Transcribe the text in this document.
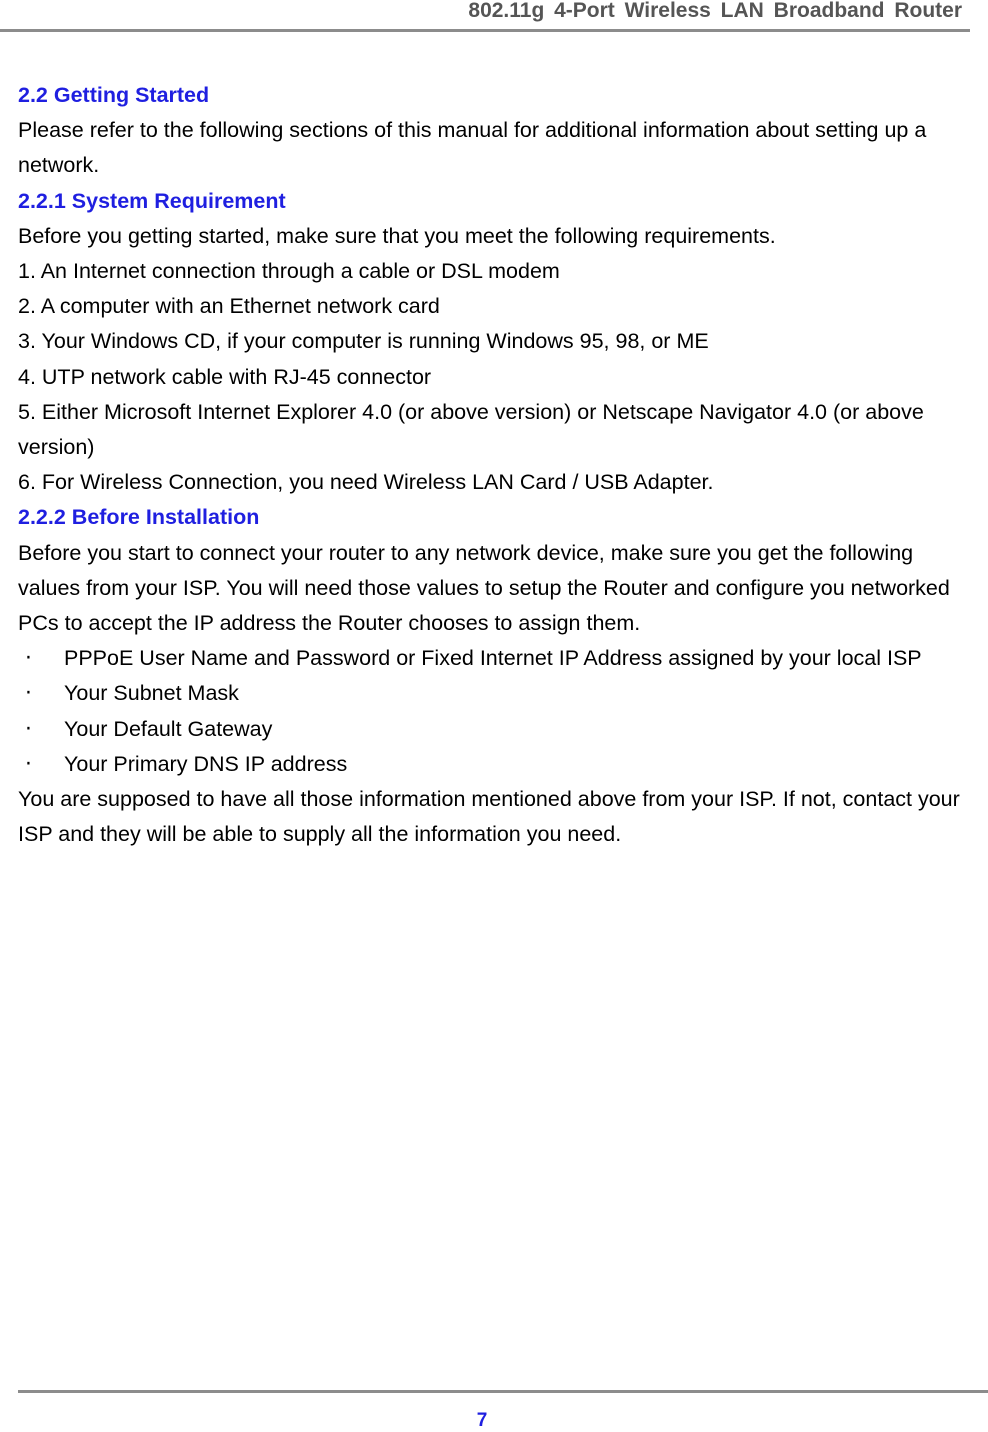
802.11g 4-Port Wireless LAN Broadband Router

2.2 Getting Started

Please refer to the following sections of this manual for additional information about setting up a network.

2.2.1 System Requirement

Before you getting started, make sure that you meet the following requirements.

1. An Internet connection through a cable or DSL modem

2. A computer with an Ethernet network card

3. Your Windows CD, if your computer is running Windows 95, 98, or ME

4. UTP network cable with RJ-45 connector

5. Either Microsoft Internet Explorer 4.0 (or above version) or Netscape Navigator 4.0 (or above version)

6. For Wireless Connection, you need Wireless LAN Card / USB Adapter.

2.2.2 Before Installation

Before you start to connect your router to any network device, make sure you get the following values from your ISP. You will need those values to setup the Router and configure you networked PCs to accept the IP address the Router chooses to assign them.

‧	PPPoE User Name and Password or Fixed Internet IP Address assigned by your local ISP
‧	Your Subnet Mask
‧	Your Default Gateway
‧	Your Primary DNS IP address

You are supposed to have all those information mentioned above from your ISP. If not, contact your ISP and they will be able to supply all the information you need.

7
